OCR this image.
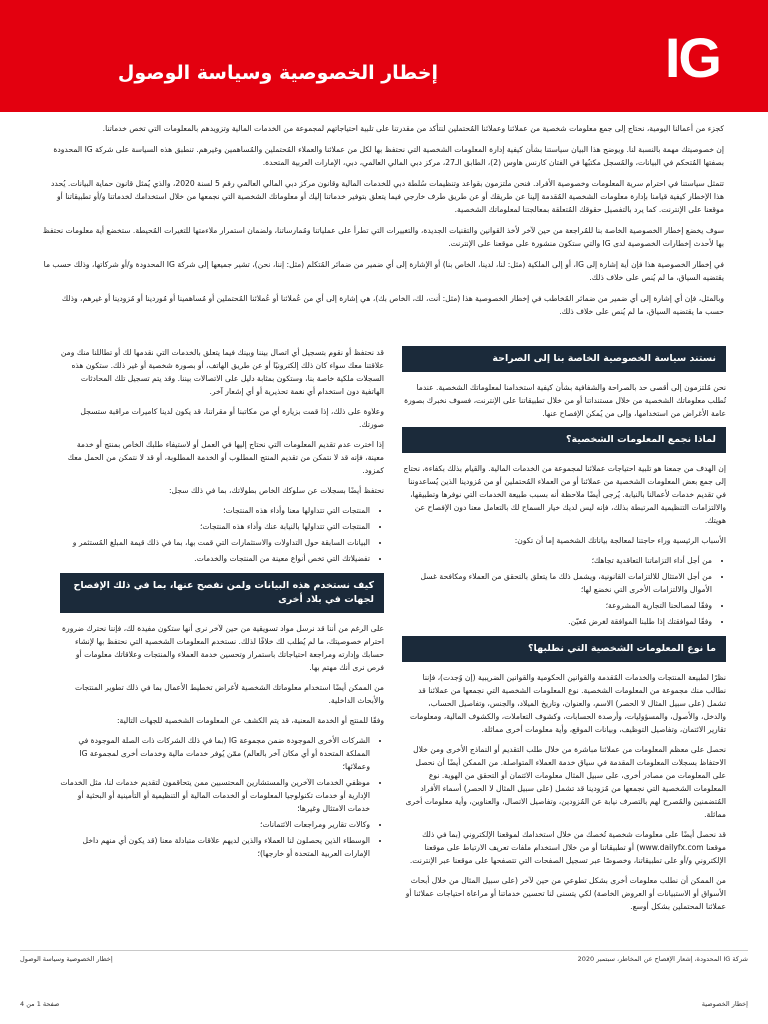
إخطار الخصوصية وسياسة الوصول	IG

كجزء من أعمالنا اليومية، نحتاج إلى جمع معلومات شخصية من عملائنا وعملائنا المُحتملين لنتأكد من مقدرتنا على تلبية احتياجاتهم لمجموعة من الخدمات المالية وتزويدهم بالمعلومات التي تخص خدماتنا.

إن خصوصيتك مهمة بالنسبة لنا. ويوضح هذا البيان سياستنا بشأن كيفية إدارة المعلومات الشخصية التي نحتفظ بها لكل من عملائنا والعملاء المُحتملين والمُساهمين وغيرهم. تنطبق هذه السياسة على شركة IG المحدودة بصفتها المُتحكم في البيانات، والمُسجل مكتبُها في الفتان كارنس هاوس (2)، الطابق الـ27، مركز دبي المالي العالمي، دبي، الإمارات العربية المتحدة.

تتمثل سياستنا في احترام سرية المعلومات وخصوصية الأفراد. فنحن ملتزمون بقواعد وتنظيمات سُلطة دبي للخدمات المالية وقانون مركز دبي المالي العالمي رقم 5 لسنة 2020، والذي يُمثل قانون حماية البيانات. يُحدد هذا الإخطار كيفية قيامنا بإدارة معلومات الشخصية المُقدمة إلينا عن طريقك أو عن طريق طرف خارجي فيما يتعلق بتوفير خدماتنا إليك أو معلوماتك الشخصية التي نجمعها من خلال استخدامك لخدماتنا و/أو تطبيقاتنا أو موقعنا على الإنترنت. كما يرد بالتفصيل حقوقك المُتعلقة بمعالجتنا لمعلوماتك الشخصية.

سوف يخضع إخطار الخصوصية الخاصة بنا للمُراجعة من حين لآخر لأخذ القوانين والتقنيات الجديدة، والتغييرات التي تطرأ على عملياتنا ومُمارساتنا، ولضمان استمرار ملاءمتها للتغيرات المُحيطة. ستخضع أية معلومات نحتفظ بها لأحدث إخطارات الخصوصية لدى IG والتي ستكون منشورة على موقعنا على الإنترنت.

في إخطار الخصوصية هذا فإن أية إشارة إلى IG، أو إلى الملكية (مثل: لنا، لدينا، الخاص بنا) أو الإشارة إلى أي ضمير من ضمائر المُتكلم (مثل: إننا، نحن)، تشير جميعها إلى شركة IG المحدودة و/أو شركاتها، وذلك حسب ما يقتضيه السياق، ما لم يُنص على خلاف ذلك.

وبالمثل، فإن أي إشارة إلى أي ضمير من ضمائر المُخاطب في إخطار الخصوصية هذا (مثل: أنت، لك، الخاص بك)، هي إشارة إلى أي من عُملائنا أو عُملائنا المُحتملين أو مُساهمينا أو مُوردينا أو مُزودينا أو غيرهم، وذلك حسب ما يقتضيه السياق، ما لم يُنص على خلاف ذلك.

نستند سياسة الخصوصية الخاصة بنا إلى الصراحة

نحن مُلتزمون إلى أقصى حد بالصراحة والشفافية بشأن كيفية استخدامنا لمعلوماتك الشخصية. عندما تُطلب معلوماتك الشخصية من خلال مستنداتنا أو من خلال تطبيقاتنا على الإنترنت، فسوف نخبرك بصورة عامة الأغراض من استخدامها، وإلى من يُمكن الإفصاح عنها.

لماذا نجمع المعلومات الشخصية؟

إن الهدف من جمعنا هو تلبية احتياجات عملائنا لمجموعة من الخدمات المالية. والقيام بذلك بكفاءة، نحتاج إلى جمع بعض المعلومات الشخصية من عملائنا أو من العملاء المُحتملين أو من مُزودينا الذين يُساعدوننا في تقديم خدمات لأعمالنا بالنيابة. يُرجى أيضًا ملاحظة أنه بسبب طبيعة الخدمات التي نوفرها وتطبيقها، والالتزامات التنظيمية المرتبطة بذلك، فإنه ليس لديك خيار السماح لك بالتعامل معنا دون الإفصاح عن هويتك.

الأسباب الرئيسية وراء حاجتنا لمعالجة بياناتك الشخصية إما أن تكون:

• من أجل أداء التزاماتنا التعاقدية تجاهك؛
• من أجل الامتثال للالتزامات القانونية، ويشمل ذلك ما يتعلق بالتحقق من العملاء ومكافحة غسل الأموال والالتزامات الأخرى التي نخضع لها؛
• وفقًا لمصالحنا التجارية المشروعة؛
• وفقًا لموافقتك إذا طلبنا الموافقة لغرض مُعيّن.
ما نوع المعلومات الشخصية التي نطلبها؟

نظرًا لطبيعة المنتجات والخدمات المُقدمة والقوانين الحكومية والقوانين الضريبية (إن وُجدت)، فإننا نطالب منك مجموعة من المعلومات الشخصية. نوع المعلومات الشخصية التي نجمعها من عملائنا قد تشمل (على سبيل المثال لا الحصر) الاسم، والعنوان، وتاريخ الميلاد، والجنس، وتفاصيل الحساب، والدخل، والأصول، والمسؤوليات، وأرصدة الحسابات، وكشوف التعاملات، والكشوف المالية، ومعلومات تقارير الائتمان، وتفاصيل التوظيف، وبيانات الموقع، وأية معلومات أخرى مماثلة.

نحصل على معظم المعلومات من عملائنا مباشرة من خلال طلب التقديم أو النماذج الأخرى ومن خلال الاحتفاظ بسجلات المعلومات المقدمة في سياق خدمة العملاء المتواصلة. من الممكن أيضًا أن نحصل على المعلومات من مصادر أخرى، على سبيل المثال معلومات الائتمان أو التحقق من الهوية. نوع المعلومات الشخصية التي نجمعها من مُزودينا قد تشمل (على سبيل المثال لا الحصر) أسماء الأفراد المُتضمنين والمُصرح لهم بالتصرف نيابة عن المُزودين، وتفاصيل الاتصال، والعناوين، وأية معلومات أخرى مماثلة.

قد نحصل أيضًا على معلومات شخصية تُخصك من خلال استخدامك لموقعنا الإلكتروني (بما في ذلك موقعنا www.dailyfx.com) أو تطبيقاتنا أو من خلال استخدام ملفات تعريف الارتباط على موقعنا الإلكتروني و/أو على تطبيقاتنا، وخصوصًا عبر تسجيل الصفحات التي تتصفحها على موقعنا عبر الإنترنت.

من الممكن أن نطلب معلومات أخرى بشكل تطوعي من حين لآخر (على سبيل المثال من خلال أبحاث الأسواق أو الاستبيانات أو العروض الخاصة) لكي يتسنى لنا تحسين خدماتنا أو مراعاة احتياجات عملائنا أو عملائنا المحتملين بشكل أوسع.

قد نحتفظ أو نقوم بتسجيل أي اتصال بيننا وبينك فيما يتعلق بالخدمات التي نقدمها لك أو تطاللنا منك ومن علاقتنا معك سواء كان ذلك إلكترونيًا أو عن طريق الهاتف، أو بصورة شخصية أو غير ذلك. ستكون هذه السجلات ملكية خاصة بنا، وستكون بمثابة دليل على الاتصالات بيننا. وقد يتم تسجيل تلك المحادثات الهاتفية دون استخدام أي نغمة تحذيرية أو أي إشعار آخر.

وعلاوة على ذلك، إذا قمت بزيارة أي من مكاتبنا أو مقراتنا، قد يكون لدينا كاميرات مراقبة ستسجل صورتك.

إذا اخترت عدم تقديم المعلومات التي نحتاج إليها في العمل أو لاستيفاء طلبك الخاص بمنتج أو خدمة معينة، فإنه قد لا نتمكن من تقديم المنتج المطلوب أو الخدمة المطلوبة، أو قد لا نتمكن من الحمل معك كمزود.

نحتفظ أيضًا بسجلات عن سلوكك الخاص بطولاتك، بما في ذلك سجل:

• المنتجات التي تتداولها معنا وأداء هذه المنتجات؛
• المنتجات التي تتداولها بالنيابة عنك وأداء هذه المنتجات؛
• البيانات السابقة حول التداولات والاستثمارات التي قمت بها، بما في ذلك قيمة المبلغ المُستثمر و
• تفضيلاتك التي تخص أنواع معينة من المنتجات والخدمات.
كيف نستخدم هذه البيانات ولمن نفصح عنها، بما في ذلك الإفصاح لجهات في بلاد أخرى

على الرغم من أننا قد نرسل مواد تسويقية من حين لآخر نرى أنها ستكون مفيدة لك، فإننا نحترك ضرورة احترام خصوصيتك، ما لم يُطلب لك خلافًا لذلك. نستخدم المعلومات الشخصية التي نحتفظ بها لإنشاء حسابك وإدارته ومراجعة احتياجاتك باستمرار وتحسين خدمة العملاء والمنتجات وعلاقاتك معلومات أو فرص نرى أنك مهتم بها.

من الممكن أيضًا استخدام معلوماتك الشخصية لأغراض تخطيط الأعمال بما في ذلك تطوير المنتجات والأبحاث الداخلية.

وفقًا للمنتج أو الخدمة المعنية، قد يتم الكشف عن المعلومات الشخصية للجهات التالية:

• الشركات الأخرى الموجودة ضمن مجموعة IG (بما في ذلك الشركات ذات الصلة الموجودة في المملكة المتحدة أو أي مكان آخر بالعالم) ممّن يُوفر خدمات مالية وخدمات أخرى لمجموعة IG وعملائها؛
• موظفي الخدمات الآخرين والمستشارين المحتسبين ممن يتحاقمون لتقديم خدمات لنا، مثل الخدمات الإدارية أو خدمات تكنولوجيا المعلومات أو الخدمات المالية أو التنظيمية أو التأمينية أو البحثية أو خدمات الامتثال وغيرها؛
• وكالات تقارير ومراجعات الائتمانات؛
• الوسطاء الذين يحصلون لنا العملاء والذين لديهم علاقات متبادلة معنا (قد يكون أي منهم داخل الإمارات العربية المتحدة أو خارجها)؛
إخطار الخصوصية وسياسة الوصول	شركة IG المحدودة، إشعار الإفصاح عن المخاطر، سبتمبر 2020
صفحة 1 من 4	إخطار الخصوصية
